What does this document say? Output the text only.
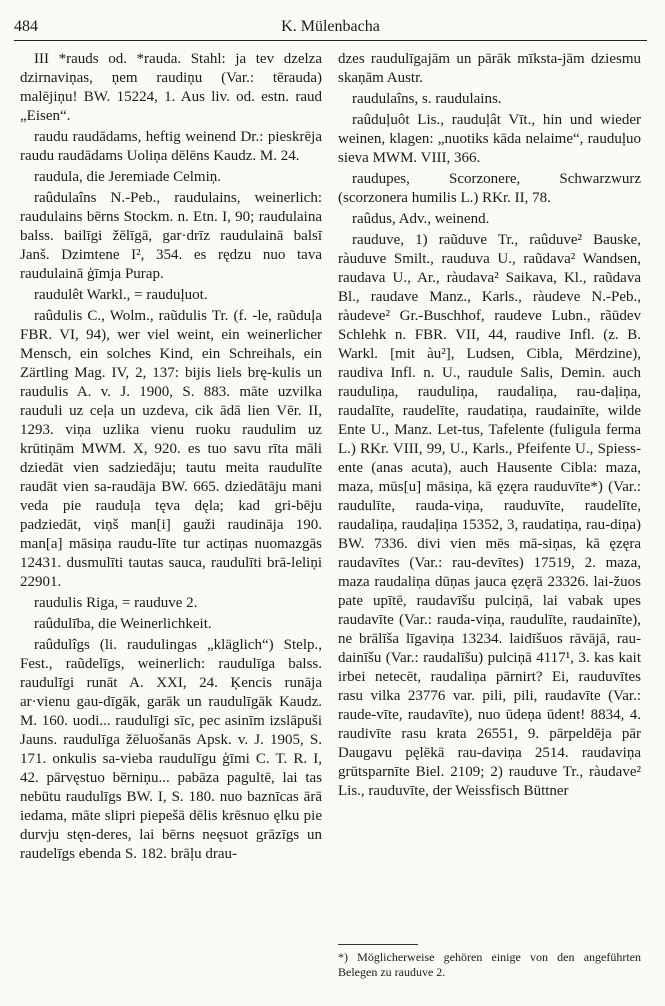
484	K. Mülenbacha

III *rauds od. *rauda. Stahl: ja tev dzelza dzirnaviņas, ņem raudiņu (Var.: tērauda) malējiņu! BW. 15224, 1. Aus liv. od. estn. raud „Eisen“.

raudu raudādams, heftig weinend Dr.: pieskrēja raudu raudādams Uoliņa dēlēns Kaudz. M. 24.

raudula, die Jeremiade Celmiņ.

raûdulaîns N.-Peb., raudulains, weinerlich: raudulains bērns Stockm. n. Etn. I, 90; raudulaina balss. bailīgi žēlīgā, gar·drīz raudulainā balsī Janš. Dzimtene I², 354. es rędzu nuo tava raudulainā ģīmja Purap.

raudulêt Warkl., = rauduļuot.

raûdulis C., Wolm., raũdulis Tr. (f. -le, raũduļa FBR. VI, 94), wer viel weint, ein weinerlicher Mensch, ein solches Kind, ein Schreihals, ein Zärtling Mag. IV, 2, 137: bijis liels brę-kulis un raudulis A. v. J. 1900, S. 883. māte uzvilka rauduli uz ceļa un uzdeva, cik ādā lien Vēr. II, 1293. viņa uzlika vienu ruoku raudulim uz krūtiņām MWM. X, 920. es tuo savu rīta māli dziedāt vien sadziedāju; tautu meita raudulīte raudāt vien sa-raudāja BW. 665. dziedātāju mani veda pie rauduļa tęva dęla; kad gri-bēju padziedāt, viņš man[i] gauži raudināja 190. man[a] māsiņa raudu-līte tur actiņas nuomazgās 12431. dusmulīti tautas sauca, raudulīti brā-leliņi 22901.

raudulis Riga, = rauduve 2.

raûdulība, die Weinerlichkeit.

raûdulîgs (li. raudulingas „kläglich“) Stelp., Fest., raũdelīgs, weinerlich: raudulīga balss. raudulīgi runāt A. XXI, 24. Ķencis runāja ar·vienu gau-dīgāk, garāk un raudulīgāk Kaudz. M. 160. uodi... raudulīgi sīc, pec asinīm izslāpuši Jauns. raudulīga žēluošanās Apsk. v. J. 1905, S. 171. onkulis sa-vieba raudulīgu ģīmi C. T. R. I, 42. pārvęstuo bērniņu... pabāza pagultē, lai tas nebūtu raudulīgs BW. I, S. 180. nuo baznīcas ārā iedama, māte slipri piepešā dēlis krēsnuo ęlku pie durvju stęn-deres, lai bērns neęsuot grāzīgs un raudelīgs ebenda S. 182. brāļu drau-

dzes raudulīgajām un pārāk mīksta-jām dziesmu skaņām Austr.

raudulaîns, s. raudulains.

raûduļuôt Lis., rauduļât Vīt., hin und wieder weinen, klagen: „nuotiks kāda nelaime“, rauduļuo sieva MWM. VIII, 366.

raudupes, Scorzonere, Schwarzwurz (scorzonera humilis L.) RKr. II, 78.

raûdus, Adv., weinend.

rauduve, 1) raũduve Tr., raûduve² Bauske, ràuduve Smilt., rauduva U., raũdava² Wandsen, raudava U., Ar., ràudava² Saikava, Kl., raũdava Bl., raudave Manz., Karls., ràudeve N.-Peb., ràudeve² Gr.-Buschhof, raudeve Lubn., rãūdev Schlehk n. FBR. VII, 44, raudive Infl. (z. B. Warkl. [mit àu²], Ludsen, Cibla, Mērdzine), raudiva Infl. n. U., raudule Salis, Demin. auch rauduliņa, rauduliņa, raudaliņa, rau-daļiņa, raudalīte, raudelīte, raudatiņa, raudainīte, wilde Ente U., Manz. Let-tus, Tafelente (fuligula ferma L.) RKr. VIII, 99, U., Karls., Pfeifente U., Spiess-ente (anas acuta), auch Hausente Cibla: maza, maza, mūs[u] māsiņa, kā ęzęra rauduvīte*) (Var.: raudulīte, rauda-viņa, rauduvīte, raudelīte, raudaliņa, raudaļiņa 15352, 3, raudatiņa, rau-diņa) BW. 7336. divi vien mēs mā-siņas, kā ęzęra raudavītes (Var.: rau-devītes) 17519, 2. maza, maza raudaliņa dūņas jauca ęzęrā 23326. lai-žuos pate upītē, raudavīšu pulciņā, lai vabak upes raudavīte (Var.: rauda-viņa, raudulīte, raudainīte), ne brālīša līgaviņa 13234. laidīšuos rāvājā, rau-dainīšu (Var.: raudalīšu) pulciņā 4117¹, 3. kas kait irbei netecēt, raudaliņa pārnirt? Ei, rauduvītes rasu vilka 23776 var. pili, pili, raudavīte (Var.: raude-vīte, raudavīte), nuo ūdeņa ūdent! 8834, 4. raudivīte rasu krata 26551, 9. pārpeldēja pār Daugavu pęlēkā rau-daviņa 2514. raudaviņa grūtsparnīte Biel. 2109; 2) rauduve Tr., ràudave² Lis., rauduvīte, der Weissfisch Büttner

*) Möglicherweise gehören einige von den angeführten Belegen zu rauduve 2.
